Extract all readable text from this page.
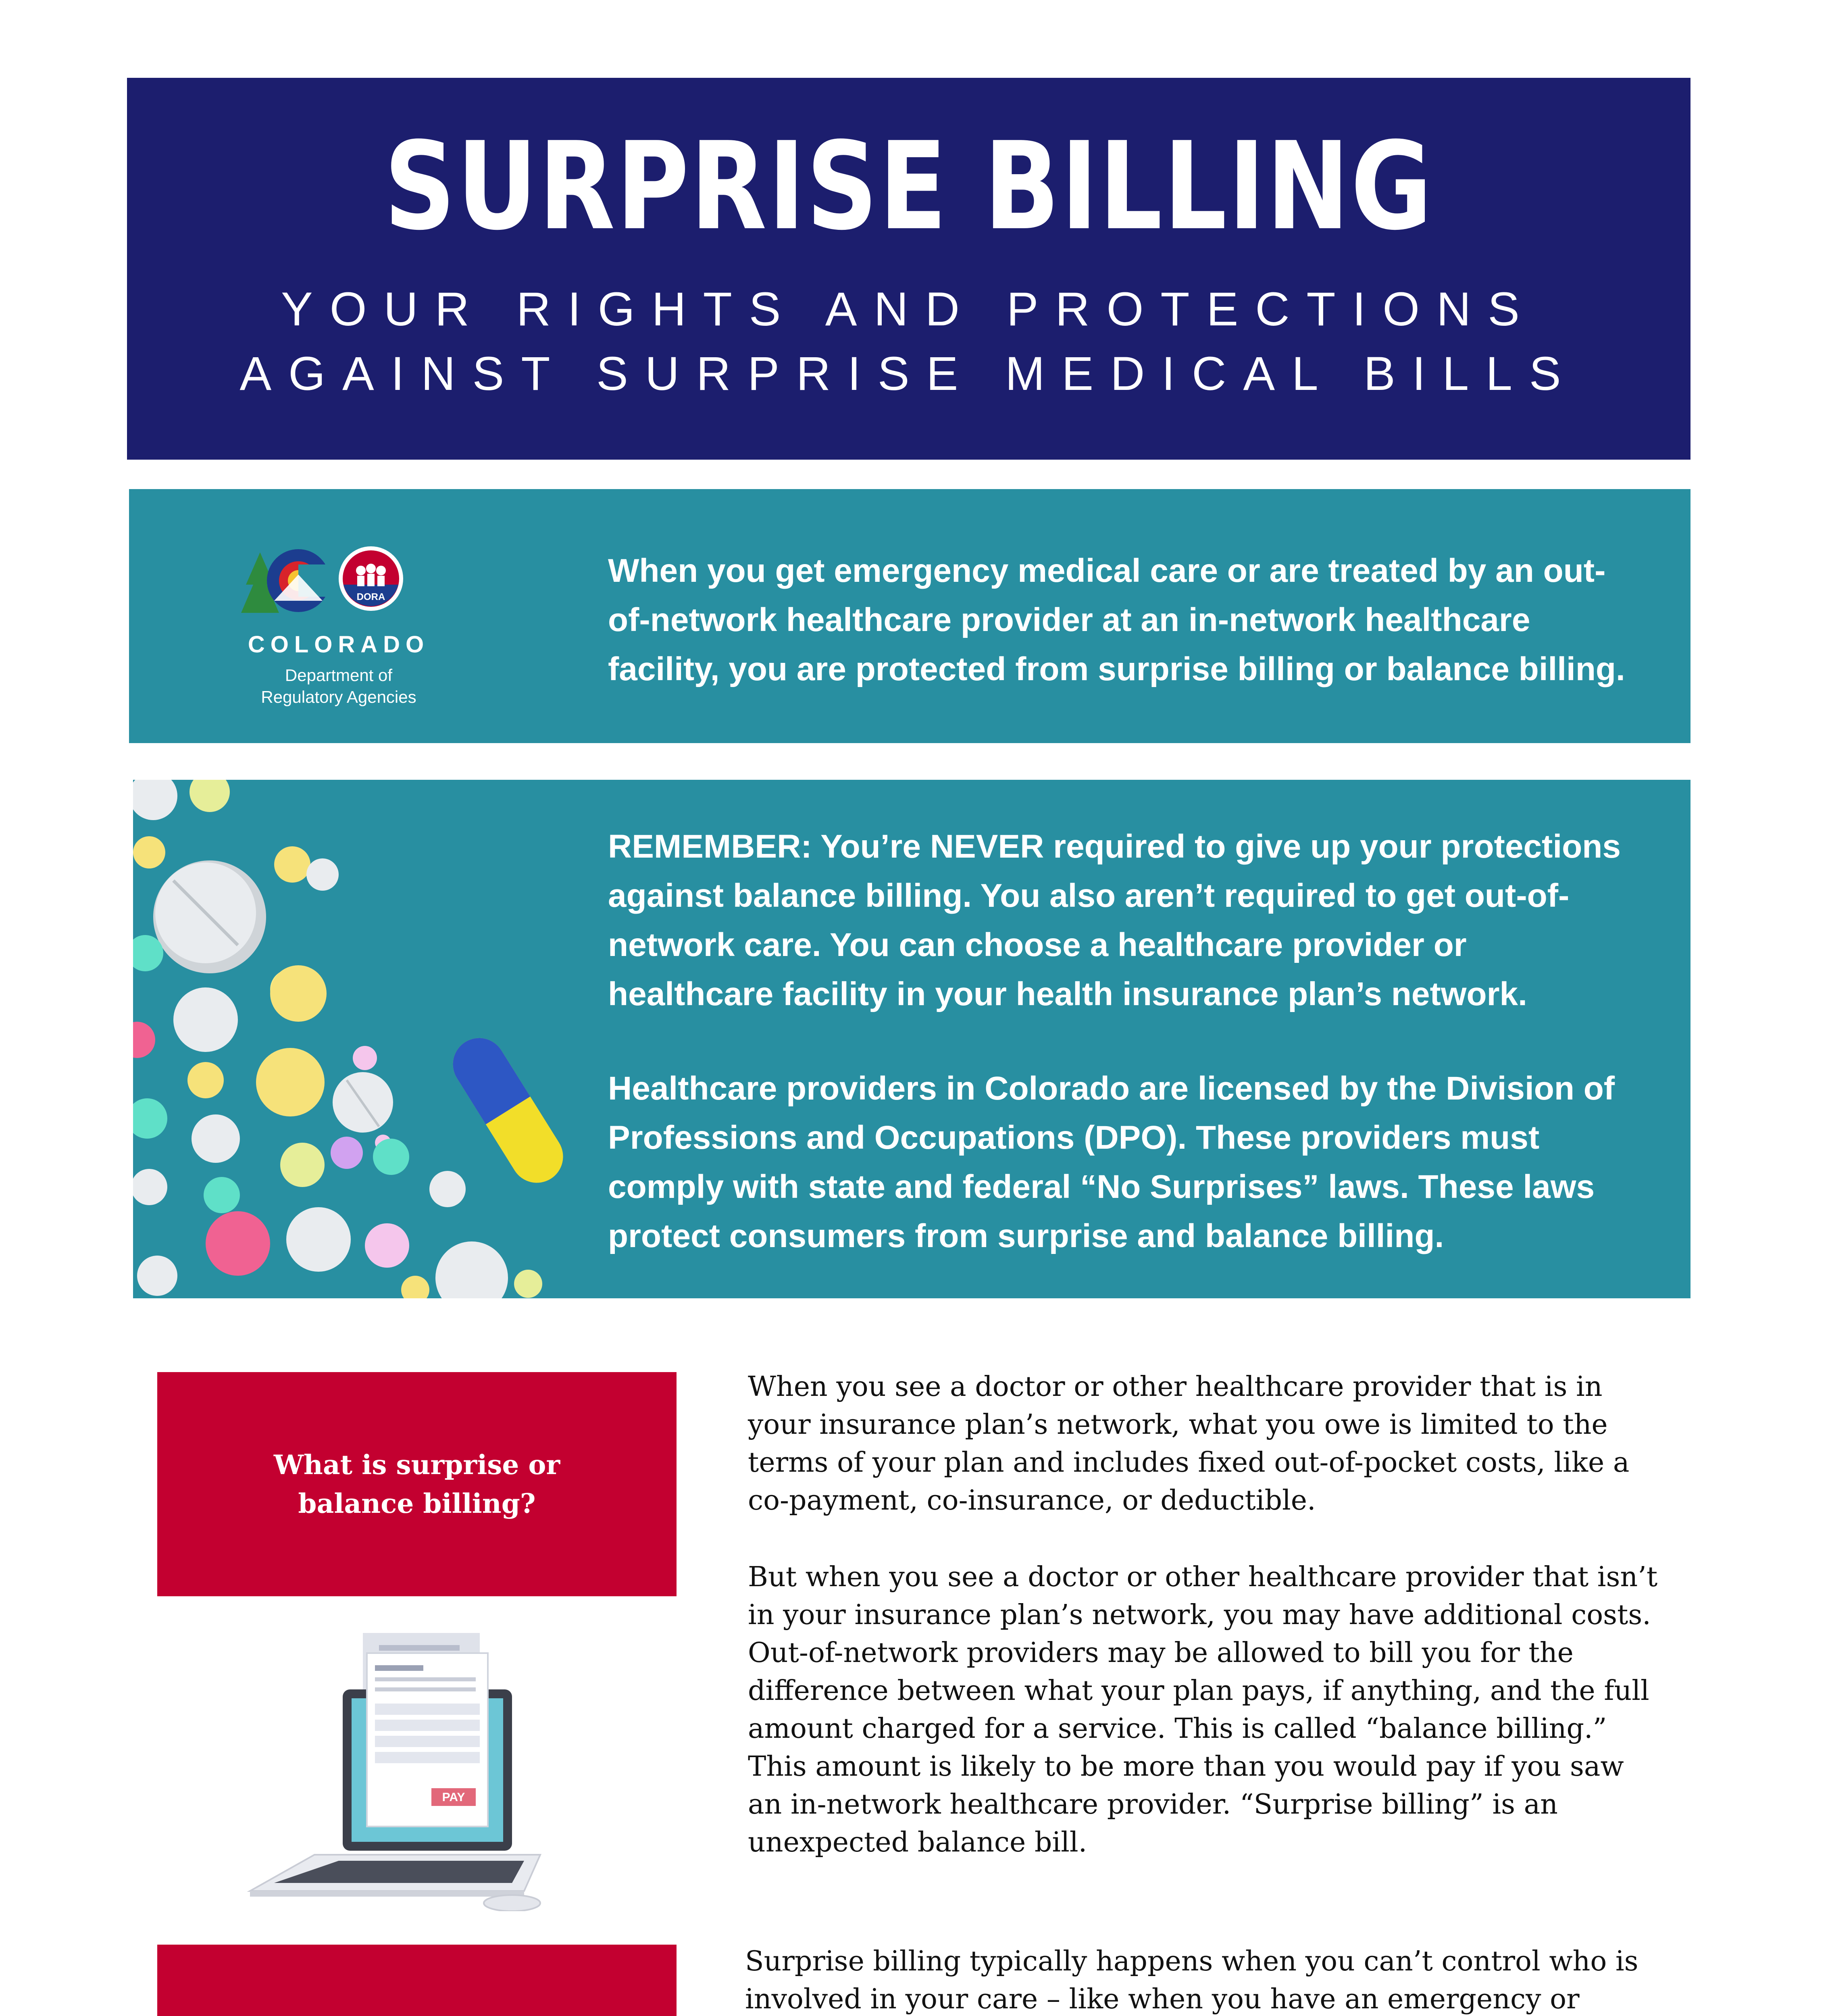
SURPRISE BILLING
YOUR RIGHTS AND PROTECTIONS
AGAINST SURPRISE MEDICAL BILLS
DORA
COLORADO
Department of
Regulatory Agencies
When you get emergency medical care or are treated by an out-of-network healthcare provider at an in-network healthcare facility, you are protected from surprise billing or balance billing.
REMEMBER: You’re NEVER required to give up your protections against balance billing. You also aren’t required to get out-of-network care. You can choose a healthcare provider or healthcare facility in your health insurance plan’s network.
Healthcare providers in Colorado are licensed by the Division of Professions and Occupations (DPO). These providers must comply with state and federal “No Surprises” laws. These laws protect consumers from surprise and balance billing.
What is surprise or balance billing?
When you see a doctor or other healthcare provider that is in
your insurance plan’s network, what you owe is limited to the
terms of your plan and includes fixed out-of-pocket costs, like a
co-payment, co-insurance, or deductible.
But when you see a doctor or other healthcare provider that isn’t
in your insurance plan’s network, you may have additional costs.
Out-of-network providers may be allowed to bill you for the
difference between what your plan pays, if anything, and the full
amount charged for a service. This is called “balance billing.”
This amount is likely to be more than you would pay if you saw
an in-network healthcare provider. “Surprise billing” is an
unexpected balance bill.
PAY
Surprise billing typically happens when you can’t control who is
involved in your care – like when you have an emergency or
